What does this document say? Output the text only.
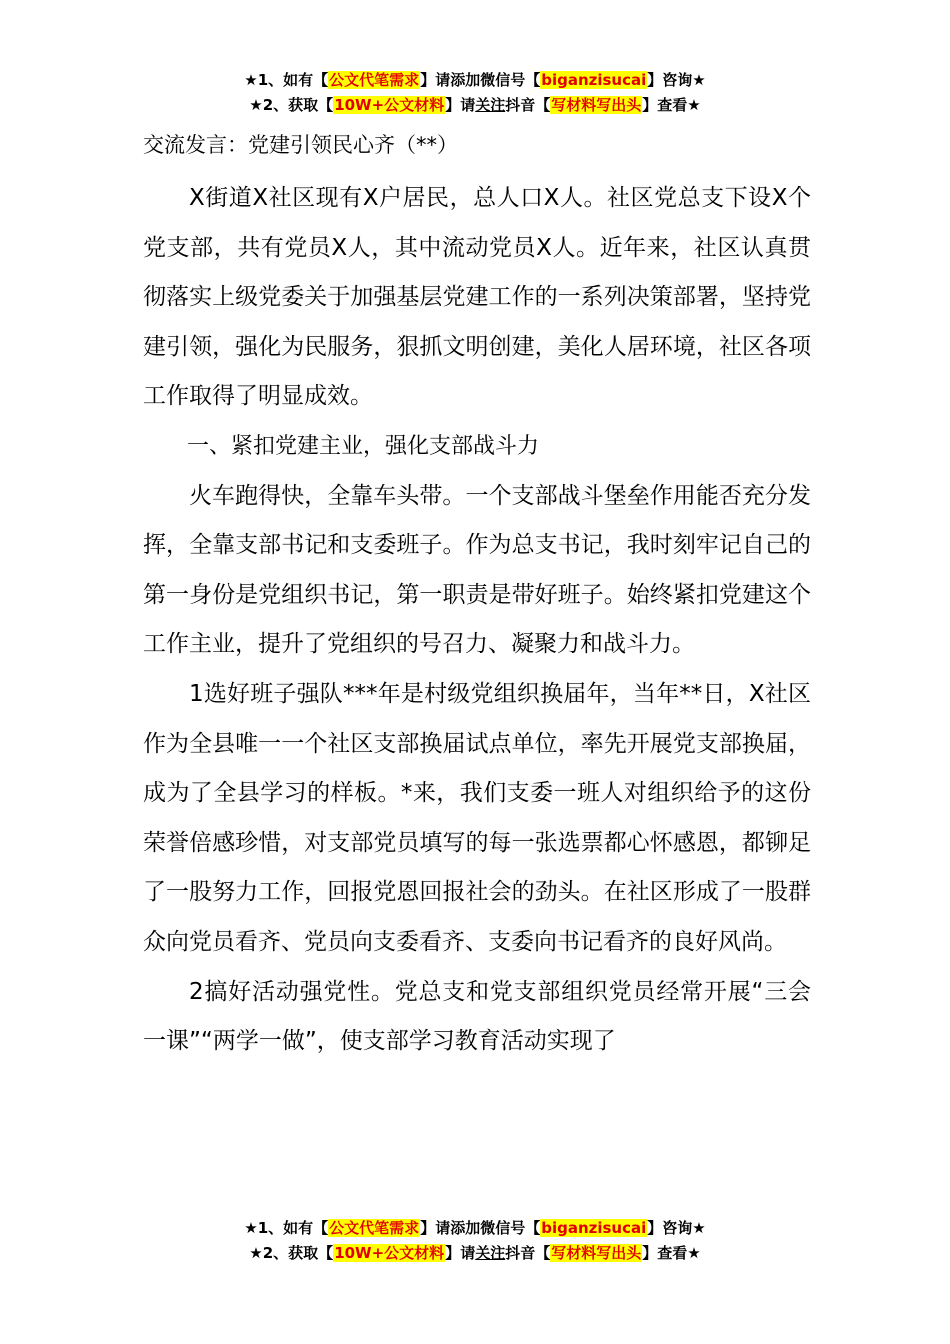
★1、如有【公文代笔需求】请添加微信号【biganzisucai】咨询★
★2、获取【10W+公文材料】请关注抖音【写材料写出头】查看★

交流发言：党建引领民心齐（**）

X街道X社区现有X户居民，总人口X人。社区党总支下设X个党支部，共有党员X人，其中流动党员X人。近年来，社区认真贯彻落实上级党委关于加强基层党建工作的一系列决策部署，坚持党建引领，强化为民服务，狠抓文明创建，美化人居环境，社区各项工作取得了明显成效。

一、紧扣党建主业，强化支部战斗力

火车跑得快，全靠车头带。一个支部战斗堡垒作用能否充分发挥，全靠支部书记和支委班子。作为总支书记，我时刻牢记自己的第一身份是党组织书记，第一职责是带好班子。始终紧扣党建这个工作主业，提升了党组织的号召力、凝聚力和战斗力。

1选好班子强队***年是村级党组织换届年，当年**日，X社区作为全县唯一一个社区支部换届试点单位，率先开展党支部换届，成为了全县学习的样板。*来，我们支委一班人对组织给予的这份荣誉倍感珍惜，对支部党员填写的每一张选票都心怀感恩，都铆足了一股努力工作，回报党恩回报社会的劲头。在社区形成了一股群众向党员看齐、党员向支委看齐、支委向书记看齐的良好风尚。

2搞好活动强党性。党总支和党支部组织党员经常开展“三会一课”“两学一做”，使支部学习教育活动实现了

★1、如有【公文代笔需求】请添加微信号【biganzisucai】咨询★
★2、获取【10W+公文材料】请关注抖音【写材料写出头】查看★
